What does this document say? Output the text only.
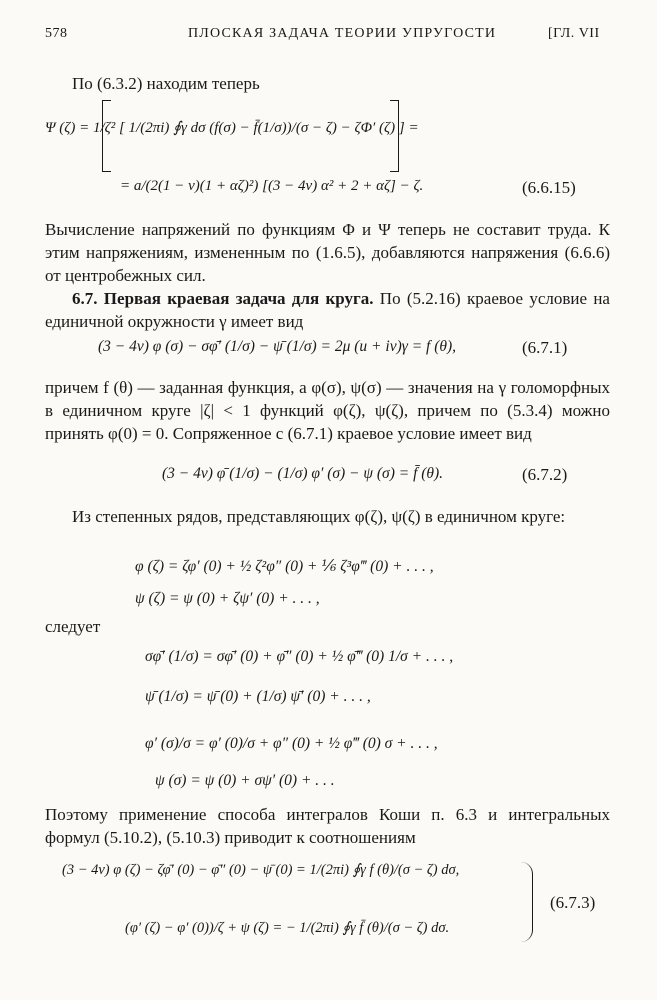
578	ПЛОСКАЯ ЗАДАЧА ТЕОРИИ УПРУГОСТИ	[ГЛ. VII
По (6.3.2) находим теперь
Ψ (ζ) = 1/ζ² [ 1/(2πi) ∮γ dσ (f(σ) − f̄(1/σ))/(σ − ζ) − ζΦ′ (ζ) ] =
= a/(2(1 − ν)(1 + αζ)²) [(3 − 4ν) α² + 2 + αζ] − ζ.	(6.6.15)
Вычисление напряжений по функциям Φ и Ψ теперь не составит труда. К этим напряжениям, измененным по (1.6.5), добавляются напряжения (6.6.6) от центробежных сил.
6.7. Первая краевая задача для круга. По (5.2.16) краевое условие на единичной окружности γ имеет вид
(3 − 4ν) φ (σ) − σφ̄′ (1/σ) − ψ̄ (1/σ) = 2μ (u + iv)γ = f (θ),	(6.7.1)
причем f (θ) — заданная функция, а φ(σ), ψ(σ) — значения на γ голоморфных в единичном круге |ζ| < 1 функций φ(ζ), ψ(ζ), причем по (5.3.4) можно принять φ(0) = 0. Сопряженное с (6.7.1) краевое условие имеет вид
(3 − 4ν) φ̄ (1/σ) − (1/σ) φ′ (σ) − ψ (σ) = f̄ (θ).	(6.7.2)
Из степенных рядов, представляющих φ(ζ), ψ(ζ) в единичном круге:
φ (ζ) = ζφ′ (0) + ½ ζ²φ″ (0) + ⅙ ζ³φ‴ (0) + . . . ,
ψ (ζ) = ψ (0) + ζψ′ (0) + . . . ,
следует
σφ̄′ (1/σ) = σφ̄′ (0) + φ̄″ (0) + ½ φ̄‴ (0) 1/σ + . . . ,
ψ̄ (1/σ) = ψ̄ (0) + (1/σ) ψ̄′ (0) + . . . ,
φ′ (σ)/σ = φ′ (0)/σ + φ″ (0) + ½ φ‴ (0) σ + . . . ,
ψ (σ) = ψ (0) + σψ′ (0) + . . .
Поэтому применение способа интегралов Коши п. 6.3 и интегральных формул (5.10.2), (5.10.3) приводит к соотношениям
(3 − 4ν) φ (ζ) − ζφ̄′ (0) − φ̄″ (0) − ψ̄ (0) = 1/(2πi) ∮γ f (θ)/(σ − ζ) dσ,
(φ′ (ζ) − φ′ (0))/ζ + ψ (ζ) = − 1/(2πi) ∮γ f̄ (θ)/(σ − ζ) dσ.
(6.7.3)
